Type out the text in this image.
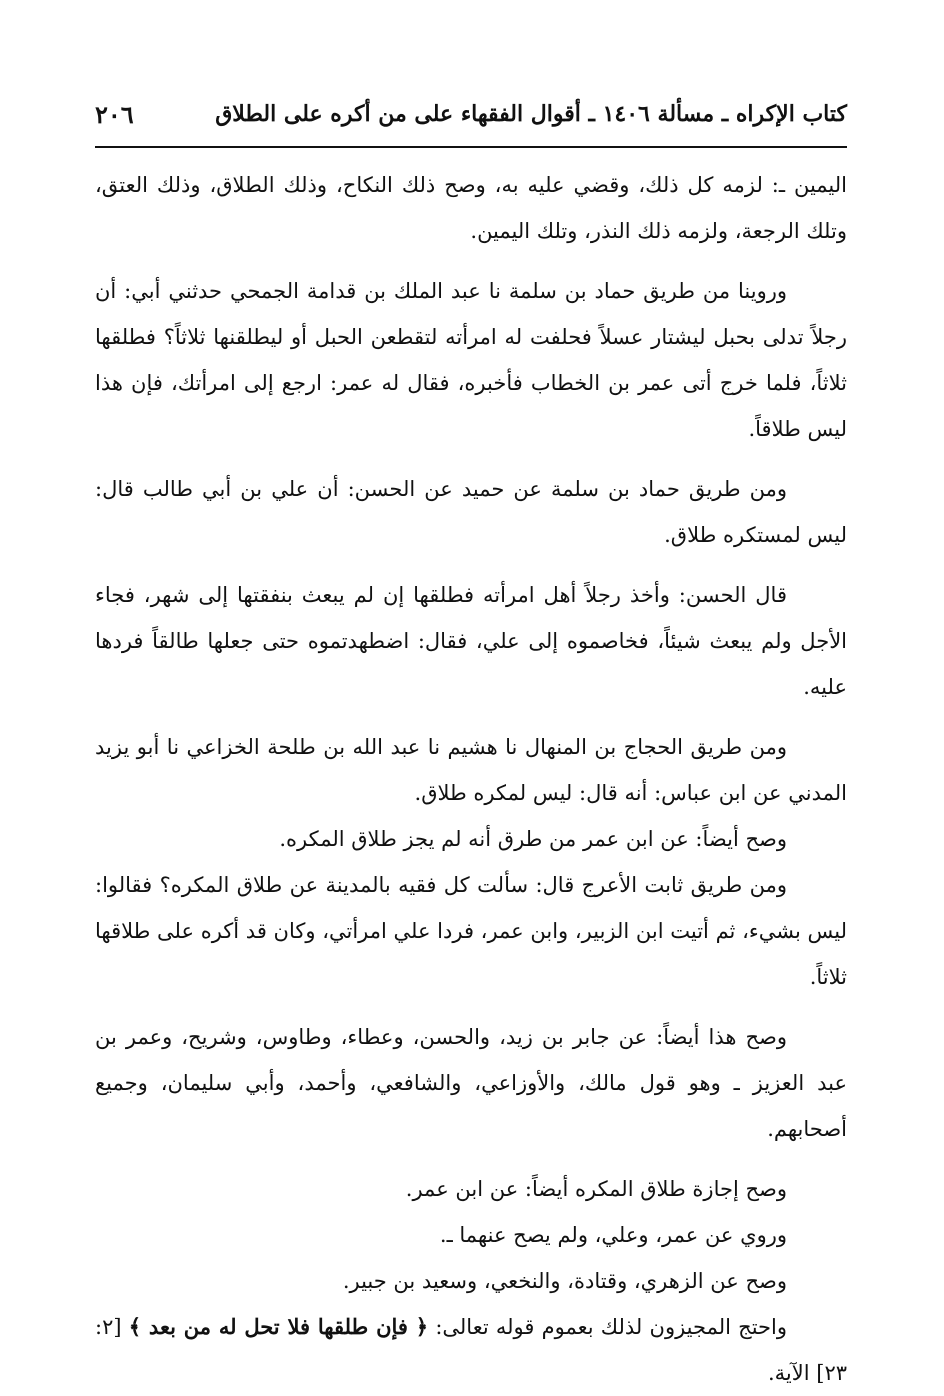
كتاب الإكراه ـ مسألة ١٤٠٦ ـ أقوال الفقهاء على من أكره على الطلاق
٢٠٦

اليمين ـ: لزمه كل ذلك، وقضي عليه به، وصح ذلك النكاح، وذلك الطلاق، وذلك العتق، وتلك الرجعة، ولزمه ذلك النذر، وتلك اليمين.

وروينا من طريق حماد بن سلمة نا عبد الملك بن قدامة الجمحي حدثني أبي: أن رجلاً تدلى بحبل ليشتار عسلاً فحلفت له امرأته لتقطعن الحبل أو ليطلقنها ثلاثاً؟ فطلقها ثلاثاً، فلما خرج أتى عمر بن الخطاب فأخبره، فقال له عمر: ارجع إلى امرأتك، فإن هذا ليس طلاقاً.

ومن طريق حماد بن سلمة عن حميد عن الحسن: أن علي بن أبي طالب قال: ليس لمستكره طلاق.

قال الحسن: وأخذ رجلاً أهل امرأته فطلقها إن لم يبعث بنفقتها إلى شهر، فجاء الأجل ولم يبعث شيئاً، فخاصموه إلى علي، فقال: اضطهدتموه حتى جعلها طالقاً فردها عليه.

ومن طريق الحجاج بن المنهال نا هشيم نا عبد الله بن طلحة الخزاعي نا أبو يزيد المدني عن ابن عباس: أنه قال: ليس لمكره طلاق.

وصح أيضاً: عن ابن عمر من طرق أنه لم يجز طلاق المكره.

ومن طريق ثابت الأعرج قال: سألت كل فقيه بالمدينة عن طلاق المكره؟ فقالوا: ليس بشيء، ثم أتيت ابن الزبير، وابن عمر، فردا علي امرأتي، وكان قد أكره على طلاقها ثلاثاً.

وصح هذا أيضاً: عن جابر بن زيد، والحسن، وعطاء، وطاوس، وشريح، وعمر بن عبد العزيز ـ وهو قول مالك، والأوزاعي، والشافعي، وأحمد، وأبي سليمان، وجميع أصحابهم.

وصح إجازة طلاق المكره أيضاً: عن ابن عمر.

وروي عن عمر، وعلي، ولم يصح عنهما ـ.

وصح عن الزهري، وقتادة، والنخعي، وسعيد بن جبير.

واحتج المجيزون لذلك بعموم قوله تعالى: ﴿ فإن طلقها فلا تحل له من بعد ﴾ [٢: ٢٣] الآية.
